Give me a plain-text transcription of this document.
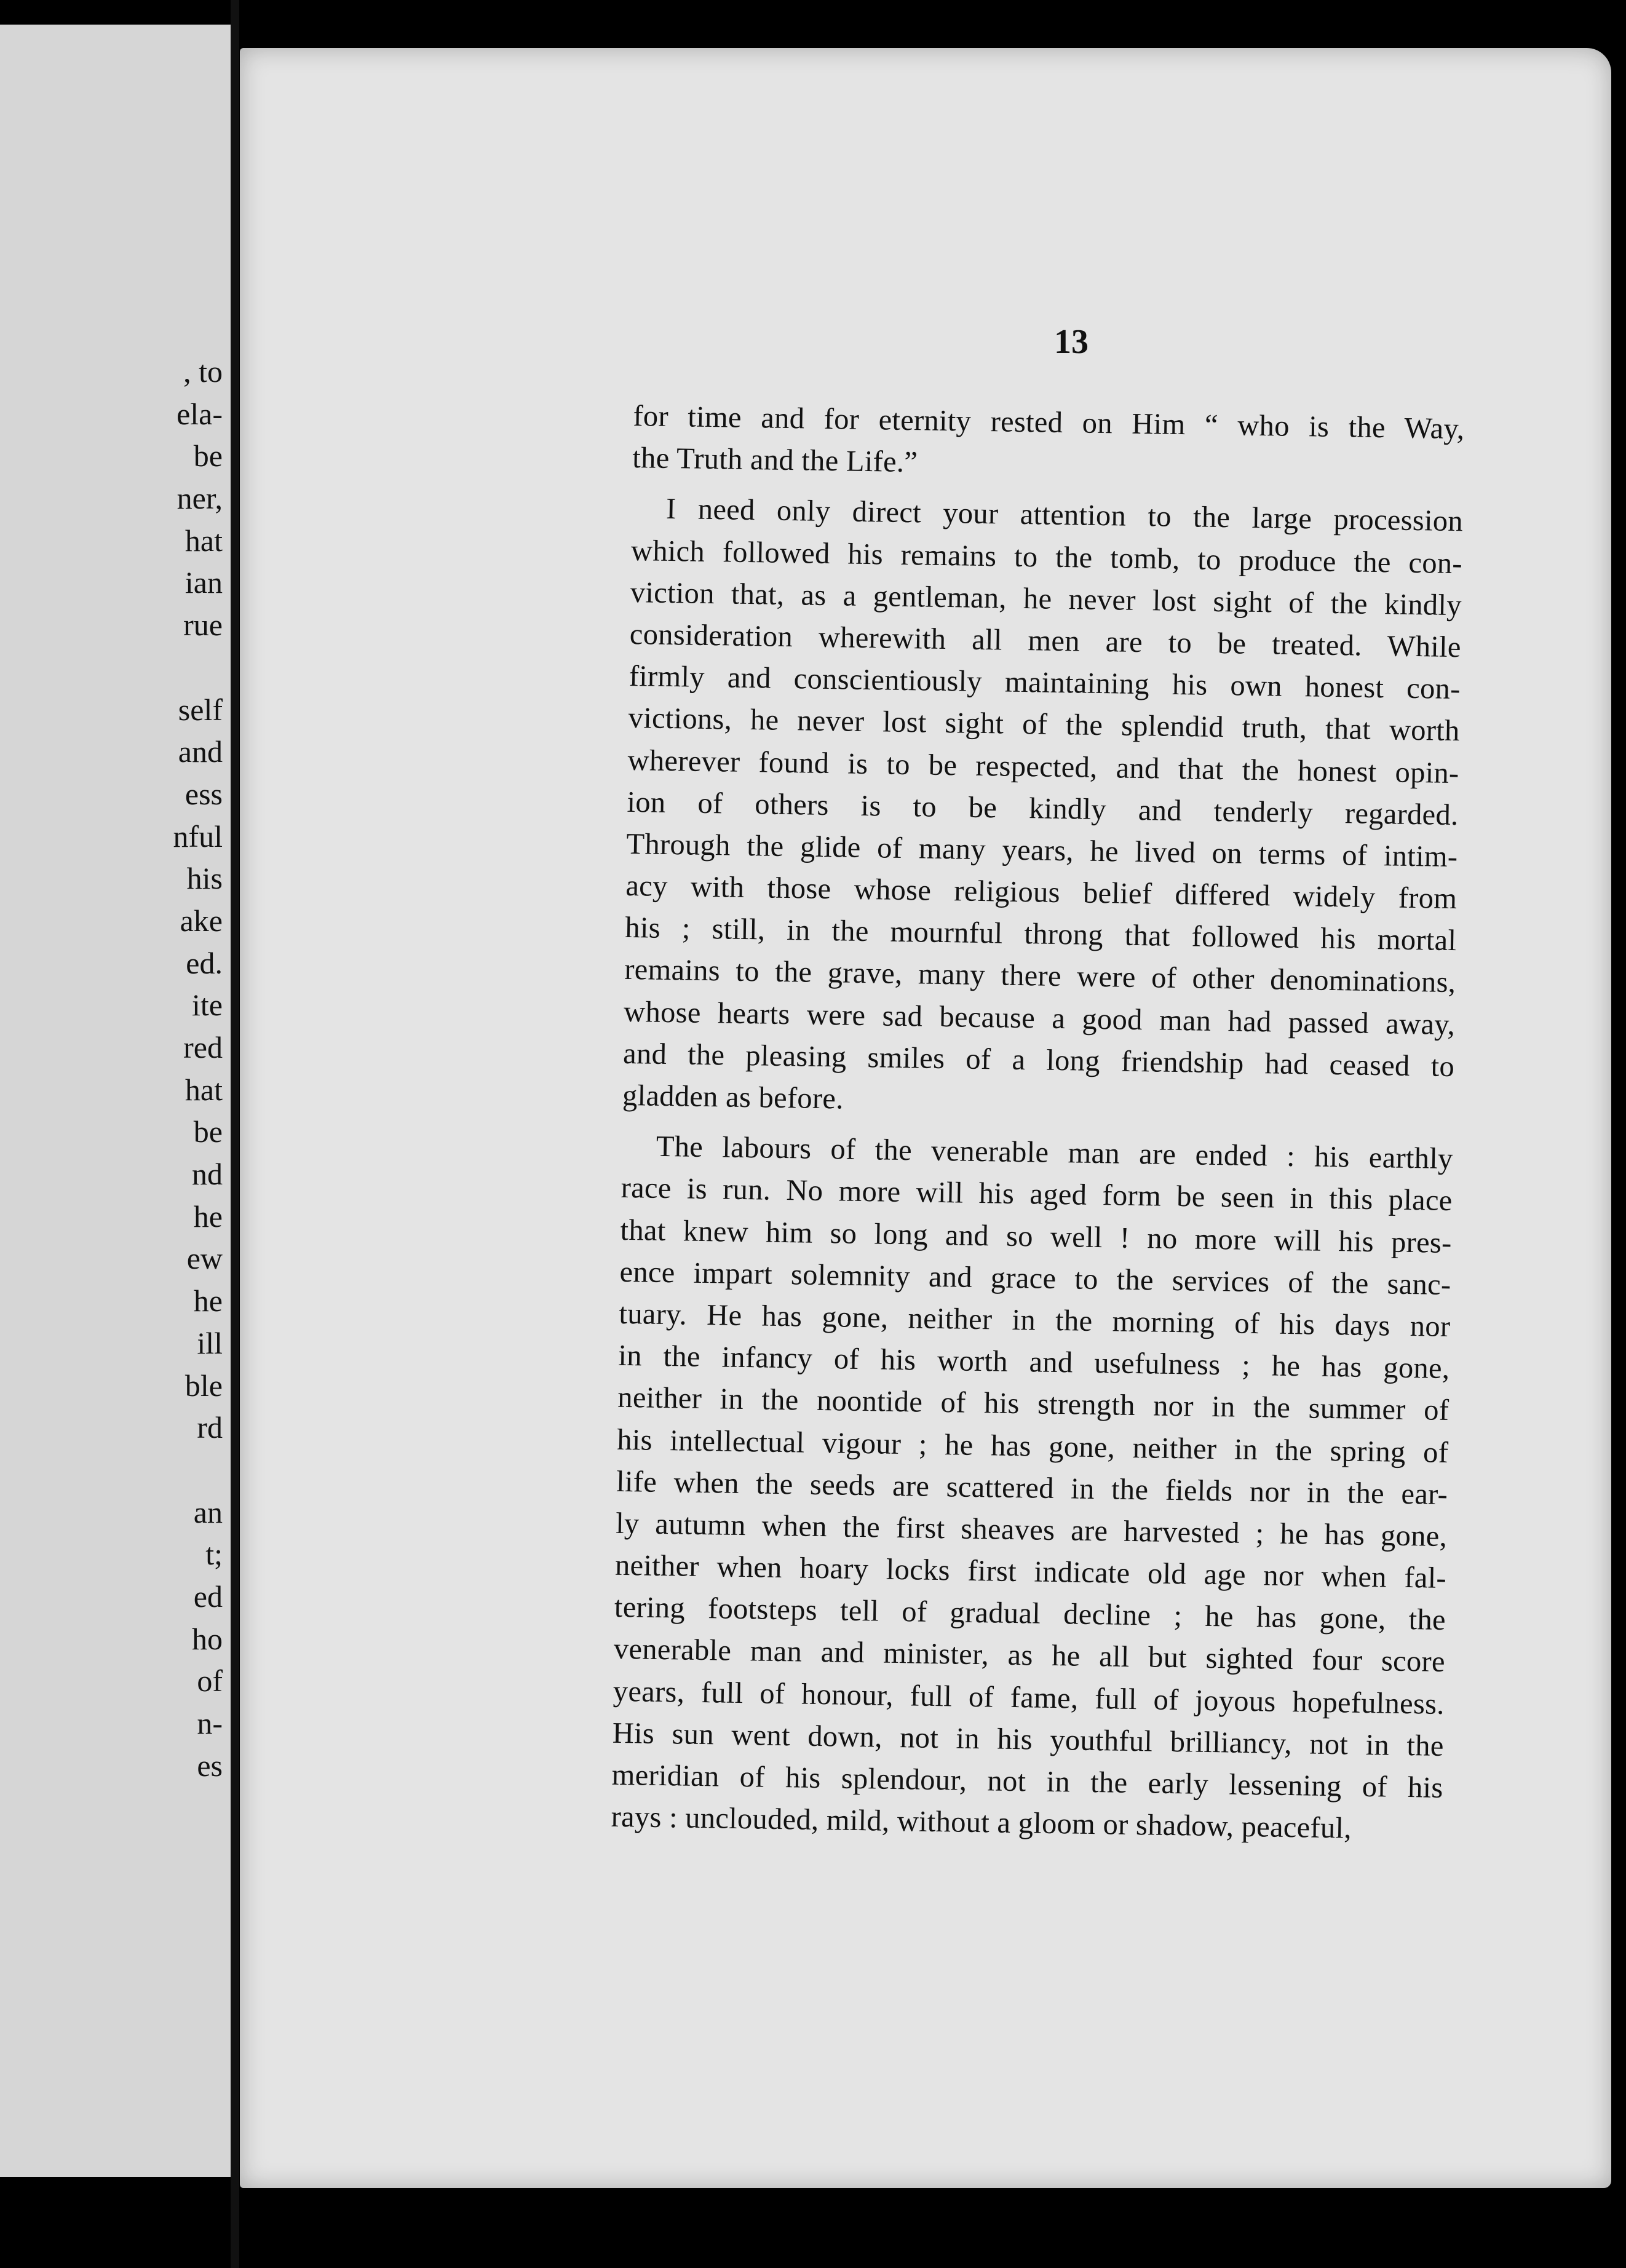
, to
ela-
be
ner,
hat
ian
rue
self
and
ess
nful
his
ake
ed.
ite
red
hat
be
nd
he
ew
he
ill
ble
rd
an
t;
ed
ho
of
n-
es
13
for time and for eternity rested on Him “ who is the Way,
the Truth and the Life.”
I need only direct your attention to the large procession
which followed his remains to the tomb, to produce the con-
viction that, as a gentleman, he never lost sight of the kindly
consideration wherewith all men are to be treated. While
firmly and conscientiously maintaining his own honest con-
victions, he never lost sight of the splendid truth, that worth
wherever found is to be respected, and that the honest opin-
ion of others is to be kindly and tenderly regarded.
Through the glide of many years, he lived on terms of intim-
acy with those whose religious belief differed widely from
his ; still, in the mournful throng that followed his mortal
remains to the grave, many there were of other denominations,
whose hearts were sad because a good man had passed away,
and the pleasing smiles of a long friendship had ceased to
gladden as before.
The labours of the venerable man are ended : his earthly
race is run. No more will his aged form be seen in this place
that knew him so long and so well ! no more will his pres-
ence impart solemnity and grace to the services of the sanc-
tuary. He has gone, neither in the morning of his days nor
in the infancy of his worth and usefulness ; he has gone,
neither in the noontide of his strength nor in the summer of
his intellectual vigour ; he has gone, neither in the spring of
life when the seeds are scattered in the fields nor in the ear-
ly autumn when the first sheaves are harvested ; he has gone,
neither when hoary locks first indicate old age nor when fal-
tering footsteps tell of gradual decline ; he has gone, the
venerable man and minister, as he all but sighted four score
years, full of honour, full of fame, full of joyous hopefulness.
His sun went down, not in his youthful brilliancy, not in the
meridian of his splendour, not in the early lessening of his
rays : unclouded, mild, without a gloom or shadow, peaceful,
